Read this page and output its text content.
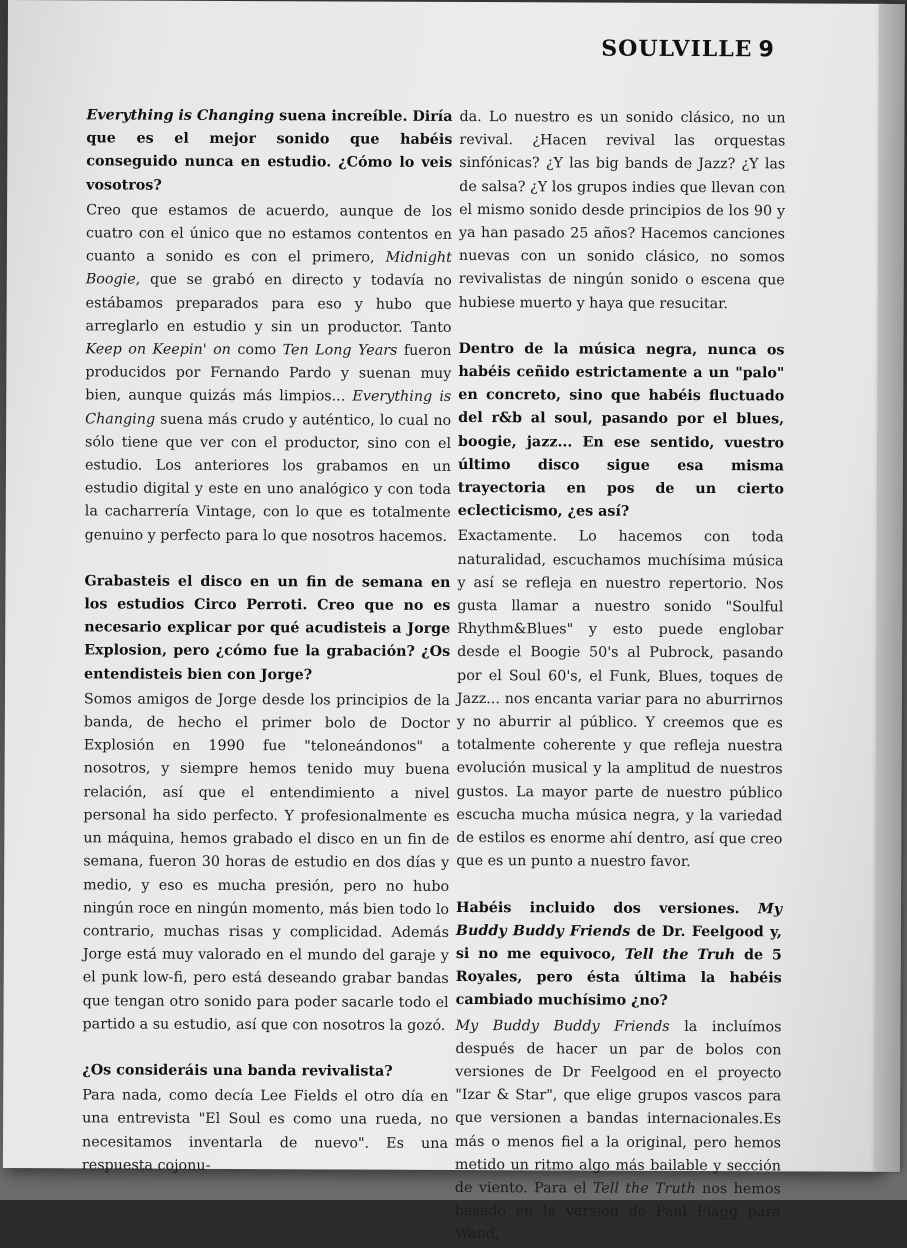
SOULVILLE 9

Everything is Changing suena increíble. Diría que es el mejor sonido que habéis conseguido nunca en estudio. ¿Cómo lo veis vosotros?

Creo que estamos de acuerdo, aunque de los cuatro con el único que no estamos contentos en cuanto a sonido es con el primero, Midnight Boogie, que se grabó en directo y todavía no estábamos preparados para eso y hubo que arreglarlo en estudio y sin un productor. Tanto Keep on Keepin' on como Ten Long Years fueron producidos por Fernando Pardo y suenan muy bien, aunque quizás más limpios... Everything is Changing suena más crudo y auténtico, lo cual no sólo tiene que ver con el productor, sino con el estudio. Los anteriores los grabamos en un estudio digital y este en uno analógico y con toda la cacharrería Vintage, con lo que es totalmente genuino y perfecto para lo que nosotros hacemos.

Grabasteis el disco en un fin de semana en los estudios Circo Perroti. Creo que no es necesario explicar por qué acudisteis a Jorge Explosion, pero ¿cómo fue la grabación? ¿Os entendisteis bien con Jorge?

Somos amigos de Jorge desde los principios de la banda, de hecho el primer bolo de Doctor Explosión en 1990 fue "teloneándonos" a nosotros, y siempre hemos tenido muy buena relación, así que el entendimiento a nivel personal ha sido perfecto. Y profesionalmente es un máquina, hemos grabado el disco en un fin de semana, fueron 30 horas de estudio en dos días y medio, y eso es mucha presión, pero no hubo ningún roce en ningún momento, más bien todo lo contrario, muchas risas y complicidad. Además Jorge está muy valorado en el mundo del garaje y el punk low-fi, pero está deseando grabar bandas que tengan otro sonido para poder sacarle todo el partido a su estudio, así que con nosotros la gozó.

¿Os consideráis una banda revivalista?

Para nada, como decía Lee Fields el otro día en una entrevista "El Soul es como una rueda, no necesitamos inventarla de nuevo". Es una respuesta cojonu-

da. Lo nuestro es un sonido clásico, no un revival. ¿Hacen revival las orquestas sinfónicas? ¿Y las big bands de Jazz? ¿Y las de salsa? ¿Y los grupos indies que llevan con el mismo sonido desde principios de los 90 y ya han pasado 25 años? Hacemos canciones nuevas con un sonido clásico, no somos revivalistas de ningún sonido o escena que hubiese muerto y haya que resucitar.

Dentro de la música negra, nunca os habéis ceñido estrictamente a un "palo" en concreto, sino que habéis fluctuado del r&b al soul, pasando por el blues, boogie, jazz... En ese sentido, vuestro último disco sigue esa misma trayectoria en pos de un cierto eclecticismo, ¿es así?

Exactamente. Lo hacemos con toda naturalidad, escuchamos muchísima música y así se refleja en nuestro repertorio. Nos gusta llamar a nuestro sonido "Soulful Rhythm&Blues" y esto puede englobar desde el Boogie 50's al Pubrock, pasando por el Soul 60's, el Funk, Blues, toques de Jazz... nos encanta variar para no aburrirnos y no aburrir al público. Y creemos que es totalmente coherente y que refleja nuestra evolución musical y la amplitud de nuestros gustos. La mayor parte de nuestro público escucha mucha música negra, y la variedad de estilos es enorme ahí dentro, así que creo que es un punto a nuestro favor.

Habéis incluido dos versiones. My Buddy Buddy Friends de Dr. Feelgood y, si no me equivoco, Tell the Truh de 5 Royales, pero ésta última la habéis cambiado muchísimo ¿no?

My Buddy Buddy Friends la incluímos después de hacer un par de bolos con versiones de Dr Feelgood en el proyecto "Izar & Star", que elige grupos vascos para que versionen a bandas internacionales.Es más o menos fiel a la original, pero hemos metido un ritmo algo más bailable y sección de viento. Para el Tell the Truth nos hemos basado en la versión de Paul Flagg para Wand,
